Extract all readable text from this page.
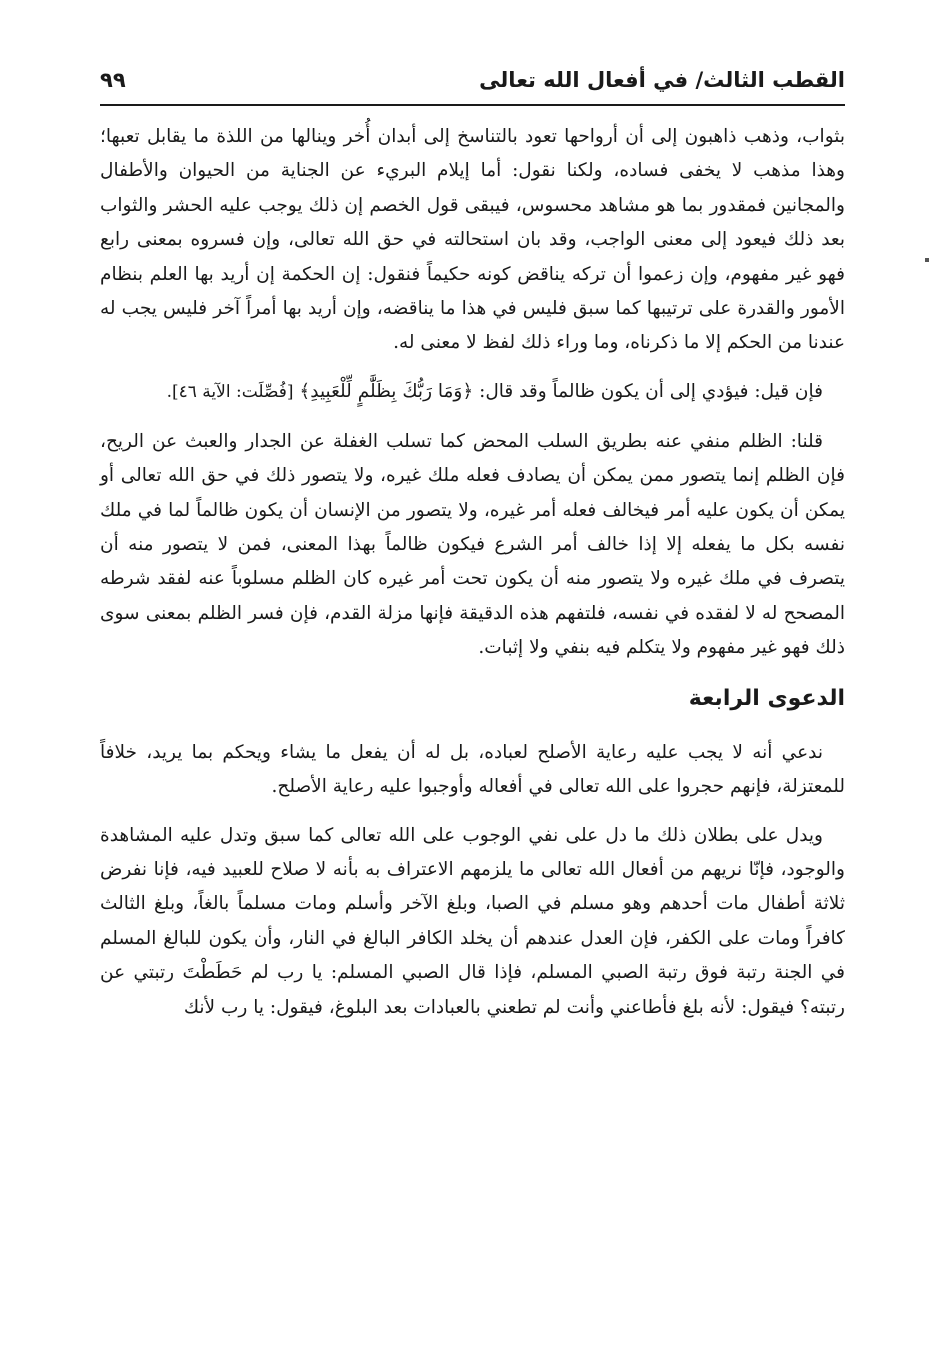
القطب الثالث/ في أفعال الله تعالى
٩٩

بثواب، وذهب ذاهبون إلى أن أرواحها تعود بالتناسخ إلى أبدان أُخر وينالها من اللذة ما يقابل تعبها؛ وهذا مذهب لا يخفى فساده، ولكنا نقول: أما إيلام البريء عن الجناية من الحيوان والأطفال والمجانين فمقدور بما هو مشاهد محسوس، فيبقى قول الخصم إن ذلك يوجب عليه الحشر والثواب بعد ذلك فيعود إلى معنى الواجب، وقد بان استحالته في حق الله تعالى، وإن فسروه بمعنى رابع فهو غير مفهوم، وإن زعموا أن تركه يناقض كونه حكيماً فنقول: إن الحكمة إن أريد بها العلم بنظام الأمور والقدرة على ترتيبها كما سبق فليس في هذا ما يناقضه، وإن أريد بها أمراً آخر فليس يجب له عندنا من الحكم إلا ما ذكرناه، وما وراء ذلك لفظ لا معنى له.

فإن قيل: فيؤدي إلى أن يكون ظالماً وقد قال: ﴿وَمَا رَبُّكَ بِظَلَّٰمٍ لِّلْعَبِيدِ﴾ [فُصِّلَت: الآية ٤٦].

قلنا: الظلم منفي عنه بطريق السلب المحض كما تسلب الغفلة عن الجدار والعبث عن الريح، فإن الظلم إنما يتصور ممن يمكن أن يصادف فعله ملك غيره، ولا يتصور ذلك في حق الله تعالى أو يمكن أن يكون عليه أمر فيخالف فعله أمر غيره، ولا يتصور من الإنسان أن يكون ظالماً لما في ملك نفسه بكل ما يفعله إلا إذا خالف أمر الشرع فيكون ظالماً بهذا المعنى، فمن لا يتصور منه أن يتصرف في ملك غيره ولا يتصور منه أن يكون تحت أمر غيره كان الظلم مسلوباً عنه لفقد شرطه المصحح له لا لفقده في نفسه، فلتفهم هذه الدقيقة فإنها مزلة القدم، فإن فسر الظلم بمعنى سوى ذلك فهو غير مفهوم ولا يتكلم فيه بنفي ولا إثبات.

الدعوى الرابعة

ندعي أنه لا يجب عليه رعاية الأصلح لعباده، بل له أن يفعل ما يشاء ويحكم بما يريد، خلافاً للمعتزلة، فإنهم حجروا على الله تعالى في أفعاله وأوجبوا عليه رعاية الأصلح.

ويدل على بطلان ذلك ما دل على نفي الوجوب على الله تعالى كما سبق وتدل عليه المشاهدة والوجود، فإنّا نريهم من أفعال الله تعالى ما يلزمهم الاعتراف به بأنه لا صلاح للعبيد فيه، فإنا نفرض ثلاثة أطفال مات أحدهم وهو مسلم في الصبا، وبلغ الآخر وأسلم ومات مسلماً بالغاً، وبلغ الثالث كافراً ومات على الكفر، فإن العدل عندهم أن يخلد الكافر البالغ في النار، وأن يكون للبالغ المسلم في الجنة رتبة فوق رتبة الصبي المسلم، فإذا قال الصبي المسلم: يا رب لم حَطَطْتَ رتبتي عن رتبته؟ فيقول: لأنه بلغ فأطاعني وأنت لم تطعني بالعبادات بعد البلوغ، فيقول: يا رب لأنك
